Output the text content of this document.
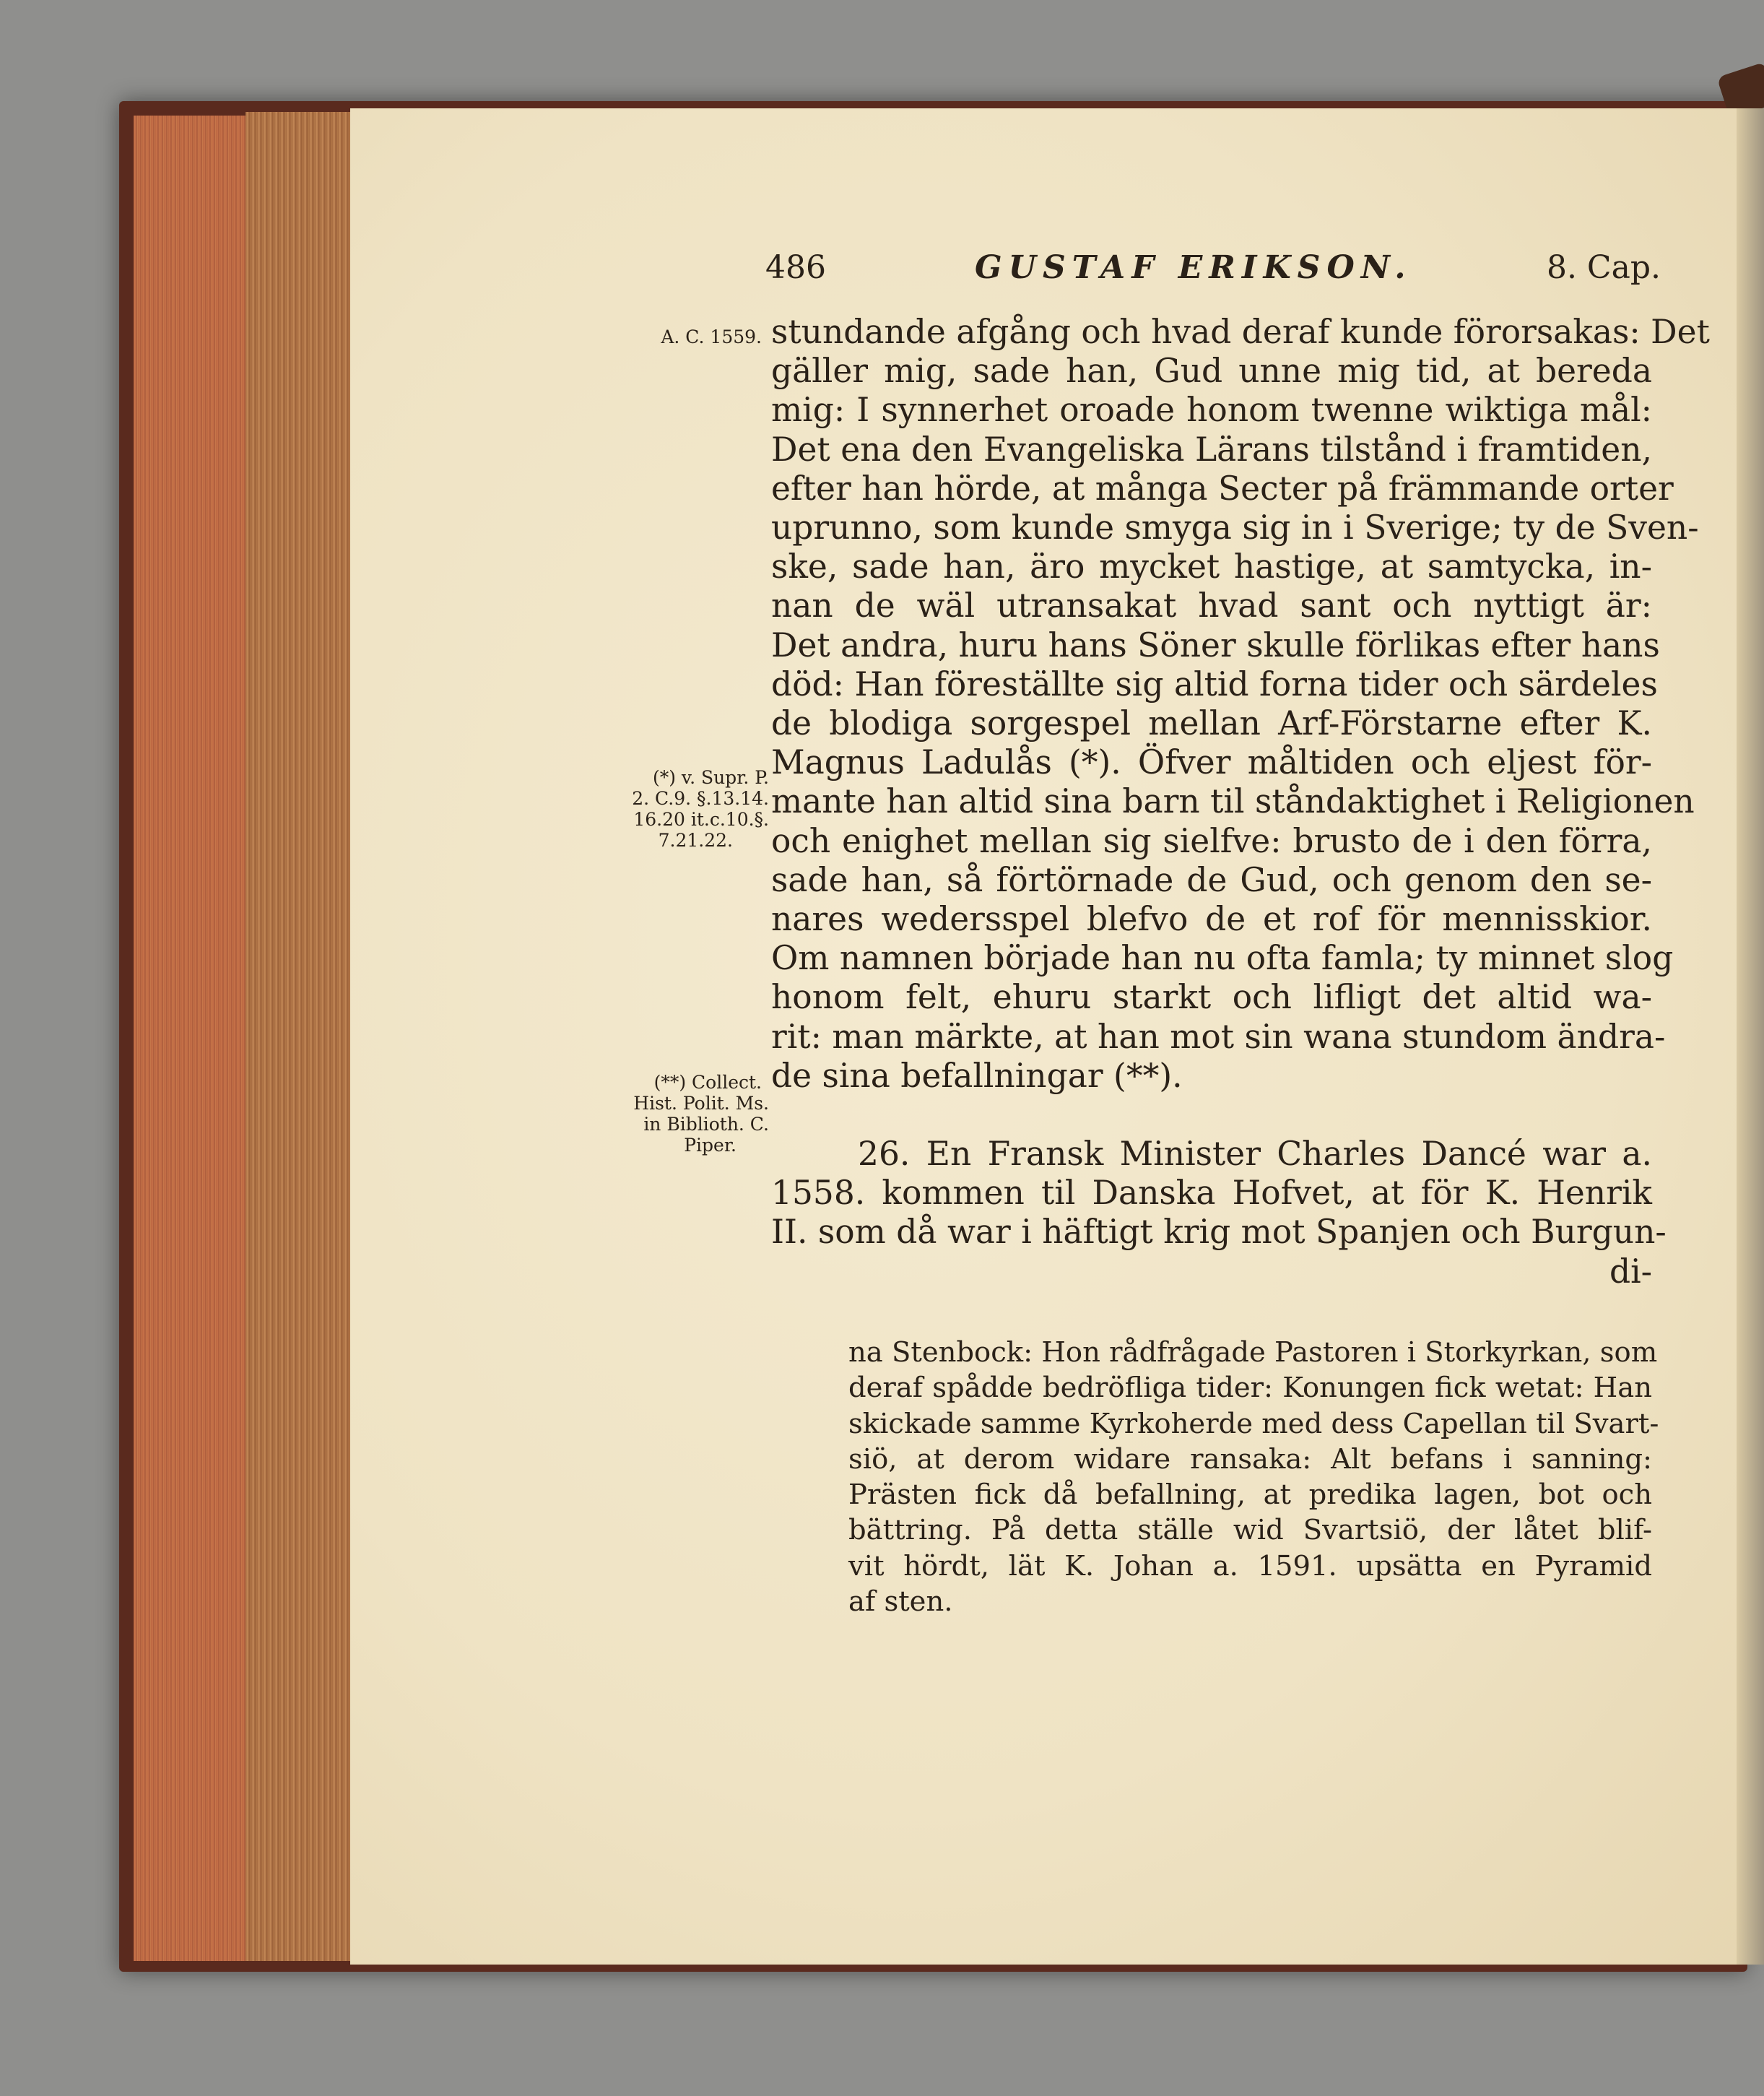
486	GUSTAF ERIKSON.	8. Cap.
A. C. 1559.
(*) v. Supr. P.
2. C.9. §.13.14.
16.20 it.c.10.§.
7.21.22.
(**) Collect.
Hist. Polit. Ms.
in Biblioth. C.
Piper.
stundande afgång och hvad deraf kunde förorsakas: Det
gäller mig, sade han, Gud unne mig tid, at bereda
mig: I synnerhet oroade honom twenne wiktiga mål:
Det ena den Evangeliska Lärans tilstånd i framtiden,
efter han hörde, at många Secter på främmande orter
uprunno, som kunde smyga sig in i Sverige; ty de Sven-
ske, sade han, äro mycket hastige, at samtycka, in-
nan de wäl utransakat hvad sant och nyttigt är:
Det andra, huru hans Söner skulle förlikas efter hans
död: Han föreställte sig altid forna tider och särdeles
de blodiga sorgespel mellan Arf-Förstarne efter K.
Magnus Ladulås (*). Öfver måltiden och eljest för-
mante han altid sina barn til ståndaktighet i Religionen
och enighet mellan sig sielfve: brusto de i den förra,
sade han, så förtörnade de Gud, och genom den se-
nares wedersspel blefvo de et rof för mennisskior.
Om namnen började han nu ofta famla; ty minnet slog
honom felt, ehuru starkt och lifligt det altid wa-
rit: man märkte, at han mot sin wana stundom ändra-
de sina befallningar (**).
26. En Fransk Minister Charles Dancé war a.
1558. kommen til Danska Hofvet, at för K. Henrik
II. som då war i häftigt krig mot Spanjen och Burgun-
di-
na Stenbock: Hon rådfrågade Pastoren i Storkyrkan, som
deraf spådde bedröfliga tider: Konungen fick wetat: Han
skickade samme Kyrkoherde med dess Capellan til Svart-
siö, at derom widare ransaka: Alt befans i sanning:
Prästen fick då befallning, at predika lagen, bot och
bättring. På detta ställe wid Svartsiö, der låtet blif-
vit hördt, lät K. Johan a. 1591. upsätta en Pyramid
af sten.
